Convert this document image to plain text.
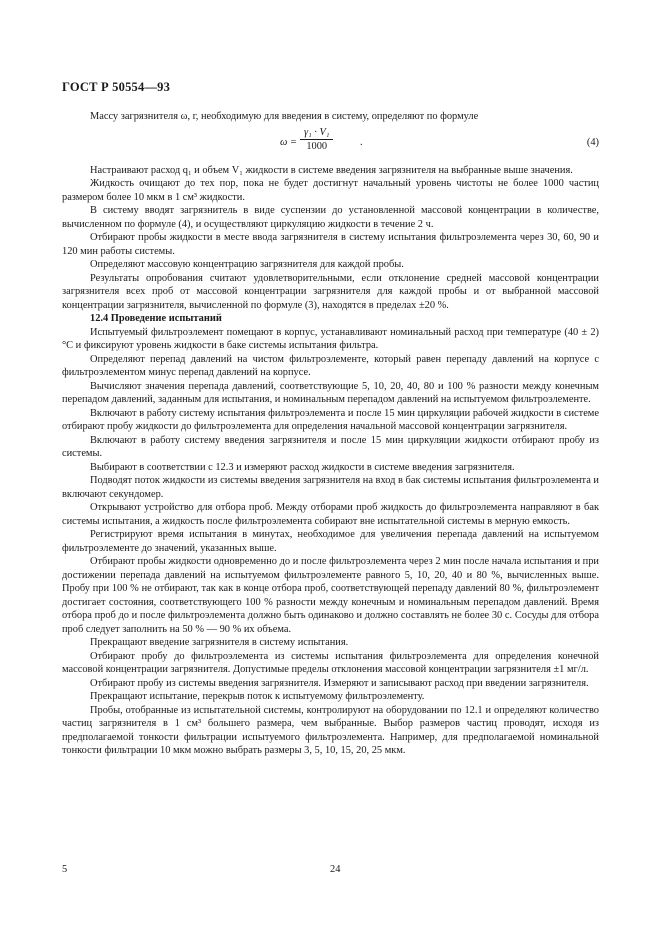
ГОСТ Р 50554—93

Массу загрязнителя ω, г, необходимую для введения в систему, определяют по формуле

$\omega = \frac{\text{γ₁ · V₁}}{1000}$	.	(4)

Настраивают расход q₁ и объем V₁ жидкости в системе введения загрязнителя на выбранные выше значения.

Жидкость очищают до тех пор, пока не будет достигнут начальный уровень чистоты не более 1000 частиц размером более 10 мкм в 1 см³ жидкости.

В систему вводят загрязнитель в виде суспензии до установленной массовой концентрации в количестве, вычисленном по формуле (4), и осуществляют циркуляцию жидкости в течение 2 ч.

Отбирают пробы жидкости в месте ввода загрязнителя в систему испытания фильтроэлемента через 30, 60, 90 и 120 мин работы системы.

Определяют массовую концентрацию загрязнителя для каждой пробы.

Результаты опробования считают удовлетворительными, если отклонение средней массовой концентрации загрязнителя всех проб от массовой концентрации загрязнителя для каждой пробы и от выбранной массовой концентрации загрязнителя, вычисленной по формуле (3), находятся в пределах ±20 %.

12.4 Проведение испытаний

Испытуемый фильтроэлемент помещают в корпус, устанавливают номинальный расход при температуре (40 ± 2) °С и фиксируют уровень жидкости в баке системы испытания фильтра.

Определяют перепад давлений на чистом фильтроэлементе, который равен перепаду давлений на корпусе с фильтроэлементом минус перепад давлений на корпусе.

Вычисляют значения перепада давлений, соответствующие 5, 10, 20, 40, 80 и 100 % разности между конечным перепадом давлений, заданным для испытания, и номинальным перепадом давлений на испытуемом фильтроэлементе.

Включают в работу систему испытания фильтроэлемента и после 15 мин циркуляции рабочей жидкости в системе отбирают пробу жидкости до фильтроэлемента для определения начальной массовой концентрации загрязнителя.

Включают в работу систему введения загрязнителя и после 15 мин циркуляции жидкости отбирают пробу из системы.

Выбирают в соответствии с 12.3 и измеряют расход жидкости в системе введения загрязнителя.

Подводят поток жидкости из системы введения загрязнителя на вход в бак системы испытания фильтроэлемента и включают секундомер.

Открывают устройство для отбора проб. Между отборами проб жидкость до фильтроэлемента направляют в бак системы испытания, а жидкость после фильтроэлемента собирают вне испытательной системы в мерную емкость.

Регистрируют время испытания в минутах, необходимое для увеличения перепада давлений на испытуемом фильтроэлементе до значений, указанных выше.

Отбирают пробы жидкости одновременно до и после фильтроэлемента через 2 мин после начала испытания и при достижении перепада давлений на испытуемом фильтроэлементе равного 5, 10, 20, 40 и 80 %, вычисленных выше. Пробу при 100 % не отбирают, так как в конце отбора проб, соответствующей перепаду давлений 80 %, фильтроэлемент достигает состояния, соответствующего 100 % разности между конечным и номинальным перепадом давлений. Время отбора проб до и после фильтроэлемента должно быть одинаково и должно составлять не более 30 с. Сосуды для отбора проб следует заполнить на 50 % — 90 % их объема.

Прекращают введение загрязнителя в систему испытания.

Отбирают пробу до фильтроэлемента из системы испытания фильтроэлемента для определения конечной массовой концентрации загрязнителя. Допустимые пределы отклонения массовой концентрации загрязнителя ±1 мг/л.

Отбирают пробу из системы введения загрязнителя. Измеряют и записывают расход при введении загрязнителя.

Прекращают испытание, перекрыв поток к испытуемому фильтроэлементу.

Пробы, отобранные из испытательной системы, контролируют на оборудовании по 12.1 и определяют количество частиц загрязнителя в 1 см³ большего размера, чем выбранные. Выбор размеров частиц проводят, исходя из предполагаемой тонкости фильтрации испытуемого фильтроэлемента. Например, для предполагаемой номинальной тонкости фильтрации 10 мкм можно выбрать размеры 3, 5, 10, 15, 20, 25 мкм.

5	24
